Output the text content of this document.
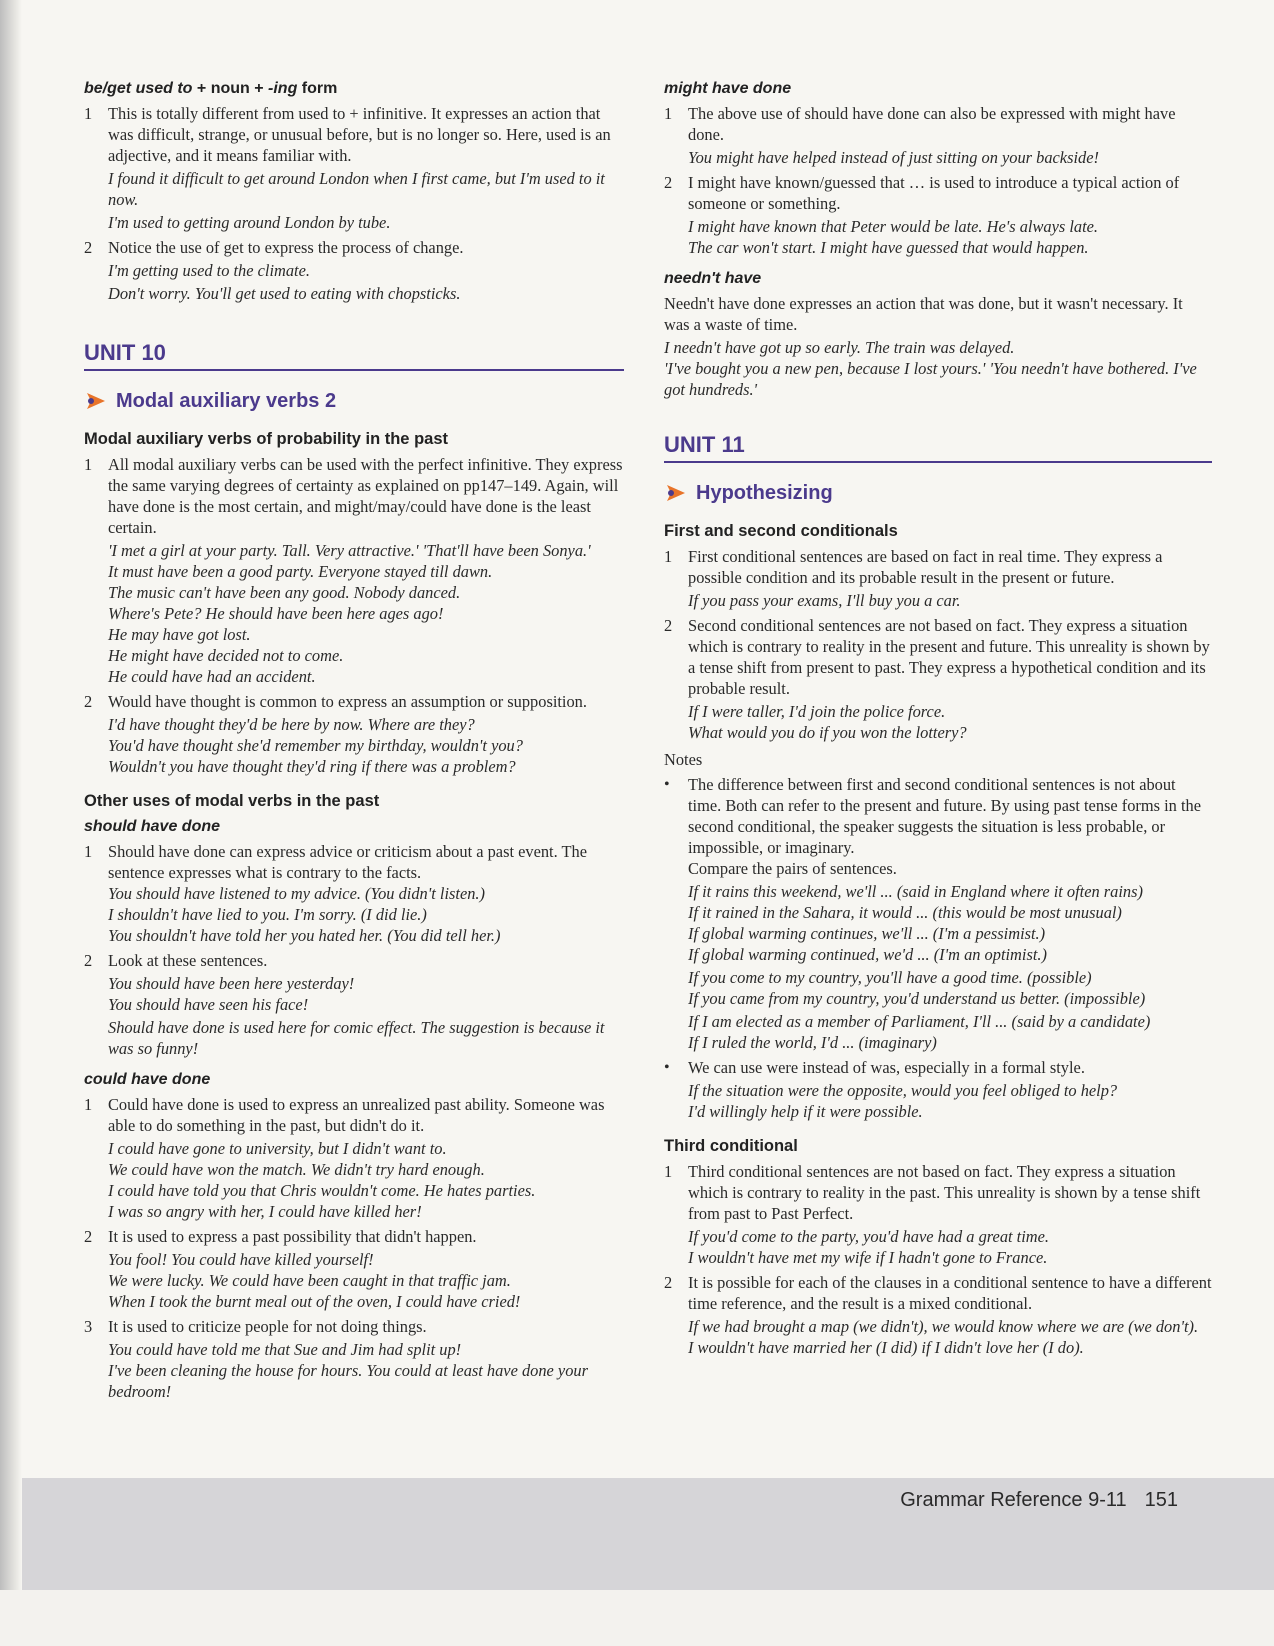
be/get used to + noun + -ing form
1 This is totally different from used to + infinitive. It expresses an action that was difficult, strange, or unusual before, but is no longer so. Here, used is an adjective, and it means familiar with.

I found it difficult to get around London when I first came, but I'm used to it now.

I'm used to getting around London by tube.

2 Notice the use of get to express the process of change.

I'm getting used to the climate.

Don't worry. You'll get used to eating with chopsticks.

UNIT 10
Modal auxiliary verbs 2
Modal auxiliary verbs of probability in the past
1 All modal auxiliary verbs can be used with the perfect infinitive. They express the same varying degrees of certainty as explained on pp147–149. Again, will have done is the most certain, and might/may/could have done is the least certain.

'I met a girl at your party. Tall. Very attractive.' 'That'll have been Sonya.'

It must have been a good party. Everyone stayed till dawn.

The music can't have been any good. Nobody danced.

Where's Pete? He should have been here ages ago!

He may have got lost.

He might have decided not to come.

He could have had an accident.

2 Would have thought is common to express an assumption or supposition.

I'd have thought they'd be here by now. Where are they?

You'd have thought she'd remember my birthday, wouldn't you?

Wouldn't you have thought they'd ring if there was a problem?

Other uses of modal verbs in the past
should have done
1 Should have done can express advice or criticism about a past event. The sentence expresses what is contrary to the facts.

You should have listened to my advice. (You didn't listen.)

I shouldn't have lied to you. I'm sorry. (I did lie.)

You shouldn't have told her you hated her. (You did tell her.)

2 Look at these sentences.

You should have been here yesterday!

You should have seen his face!

Should have done is used here for comic effect. The suggestion is because it was so funny!

could have done
1 Could have done is used to express an unrealized past ability. Someone was able to do something in the past, but didn't do it.

I could have gone to university, but I didn't want to.

We could have won the match. We didn't try hard enough.

I could have told you that Chris wouldn't come. He hates parties.

I was so angry with her, I could have killed her!

2 It is used to express a past possibility that didn't happen.

You fool! You could have killed yourself!

We were lucky. We could have been caught in that traffic jam.

When I took the burnt meal out of the oven, I could have cried!

3 It is used to criticize people for not doing things.

You could have told me that Sue and Jim had split up!

I've been cleaning the house for hours. You could at least have done your bedroom!

might have done
1 The above use of should have done can also be expressed with might have done.

You might have helped instead of just sitting on your backside!

2 I might have known/guessed that … is used to introduce a typical action of someone or something.

I might have known that Peter would be late. He's always late.

The car won't start. I might have guessed that would happen.

needn't have

Needn't have done expresses an action that was done, but it wasn't necessary. It was a waste of time.

I needn't have got up so early. The train was delayed.

'I've bought you a new pen, because I lost yours.' 'You needn't have bothered. I've got hundreds.'

UNIT 11
Hypothesizing
First and second conditionals
1 First conditional sentences are based on fact in real time. They express a possible condition and its probable result in the present or future.

If you pass your exams, I'll buy you a car.

2 Second conditional sentences are not based on fact. They express a situation which is contrary to reality in the present and future. This unreality is shown by a tense shift from present to past. They express a hypothetical condition and its probable result.

If I were taller, I'd join the police force.

What would you do if you won the lottery?

Notes

•	The difference between first and second conditional sentences is not about time. Both can refer to the present and future. By using past tense forms in the second conditional, the speaker suggests the situation is less probable, or impossible, or imaginary.

Compare the pairs of sentences.

If it rains this weekend, we'll ... (said in England where it often rains)

If it rained in the Sahara, it would ... (this would be most unusual)

If global warming continues, we'll ... (I'm a pessimist.)

If global warming continued, we'd ... (I'm an optimist.)

If you come to my country, you'll have a good time. (possible)

If you came from my country, you'd understand us better. (impossible)

If I am elected as a member of Parliament, I'll ... (said by a candidate)

If I ruled the world, I'd ... (imaginary)

•	We can use were instead of was, especially in a formal style.

If the situation were the opposite, would you feel obliged to help?

I'd willingly help if it were possible.

Third conditional
1 Third conditional sentences are not based on fact. They express a situation which is contrary to reality in the past. This unreality is shown by a tense shift from past to Past Perfect.

If you'd come to the party, you'd have had a great time.

I wouldn't have met my wife if I hadn't gone to France.

2 It is possible for each of the clauses in a conditional sentence to have a different time reference, and the result is a mixed conditional.

If we had brought a map (we didn't), we would know where we are (we don't).

I wouldn't have married her (I did) if I didn't love her (I do).

Grammar Reference 9-11 151
